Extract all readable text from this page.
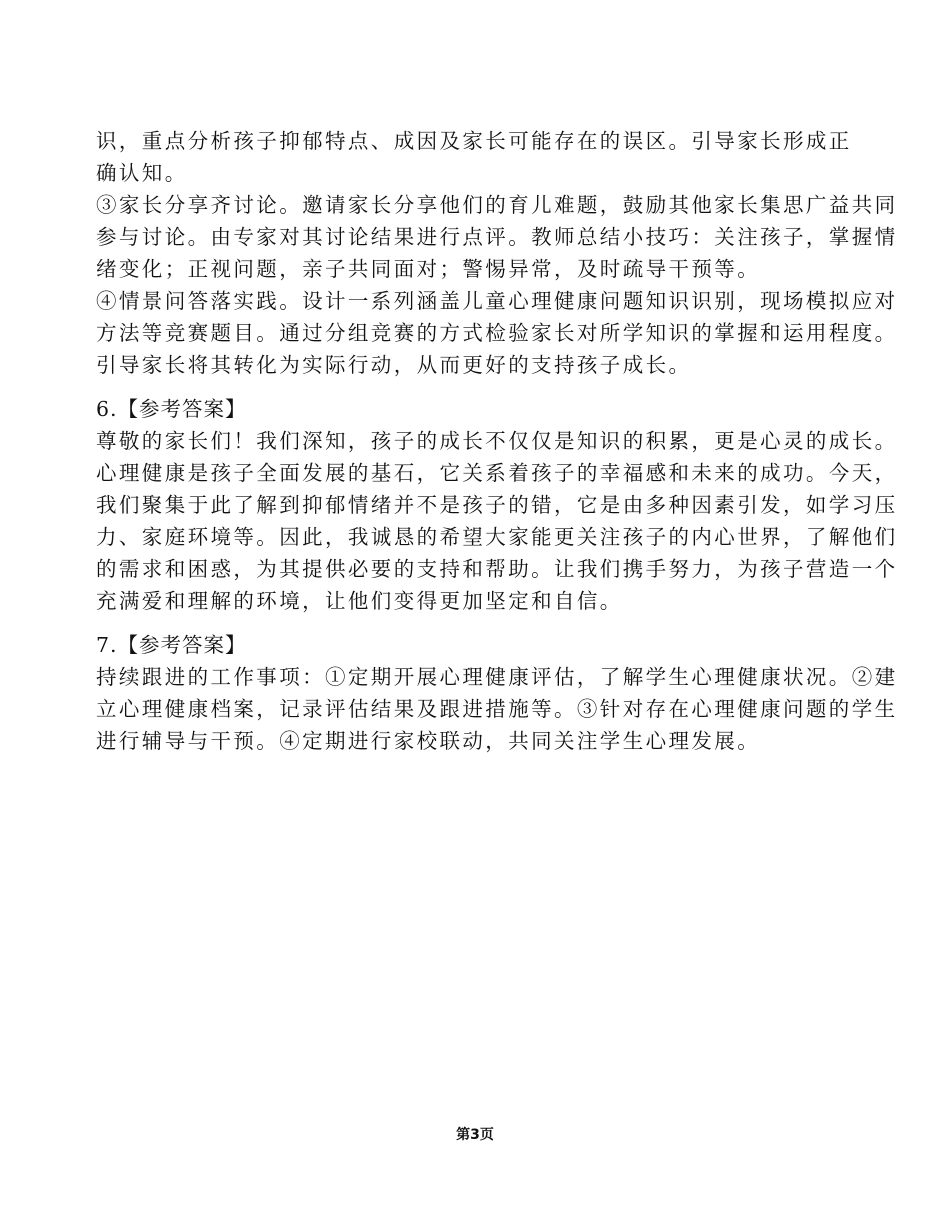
识，重点分析孩子抑郁特点、成因及家长可能存在的误区。引导家长形成正
确认知。
③家长分享齐讨论。邀请家长分享他们的育儿难题，鼓励其他家长集思广益共同
参与讨论。由专家对其讨论结果进行点评。教师总结小技巧：关注孩子，掌握情
绪变化；正视问题，亲子共同面对；警惕异常，及时疏导干预等。
④情景问答落实践。设计一系列涵盖儿童心理健康问题知识识别，现场模拟应对
方法等竞赛题目。通过分组竞赛的方式检验家长对所学知识的掌握和运用程度。
引导家长将其转化为实际行动，从而更好的支持孩子成长。
6.【参考答案】
尊敬的家长们！我们深知，孩子的成长不仅仅是知识的积累，更是心灵的成长。
心理健康是孩子全面发展的基石，它关系着孩子的幸福感和未来的成功。今天，
我们聚集于此了解到抑郁情绪并不是孩子的错，它是由多种因素引发，如学习压
力、家庭环境等。因此，我诚恳的希望大家能更关注孩子的内心世界，了解他们
的需求和困惑，为其提供必要的支持和帮助。让我们携手努力，为孩子营造一个
充满爱和理解的环境，让他们变得更加坚定和自信。
7.【参考答案】
持续跟进的工作事项：①定期开展心理健康评估，了解学生心理健康状况。②建
立心理健康档案，记录评估结果及跟进措施等。③针对存在心理健康问题的学生
进行辅导与干预。④定期进行家校联动，共同关注学生心理发展。
第3页
